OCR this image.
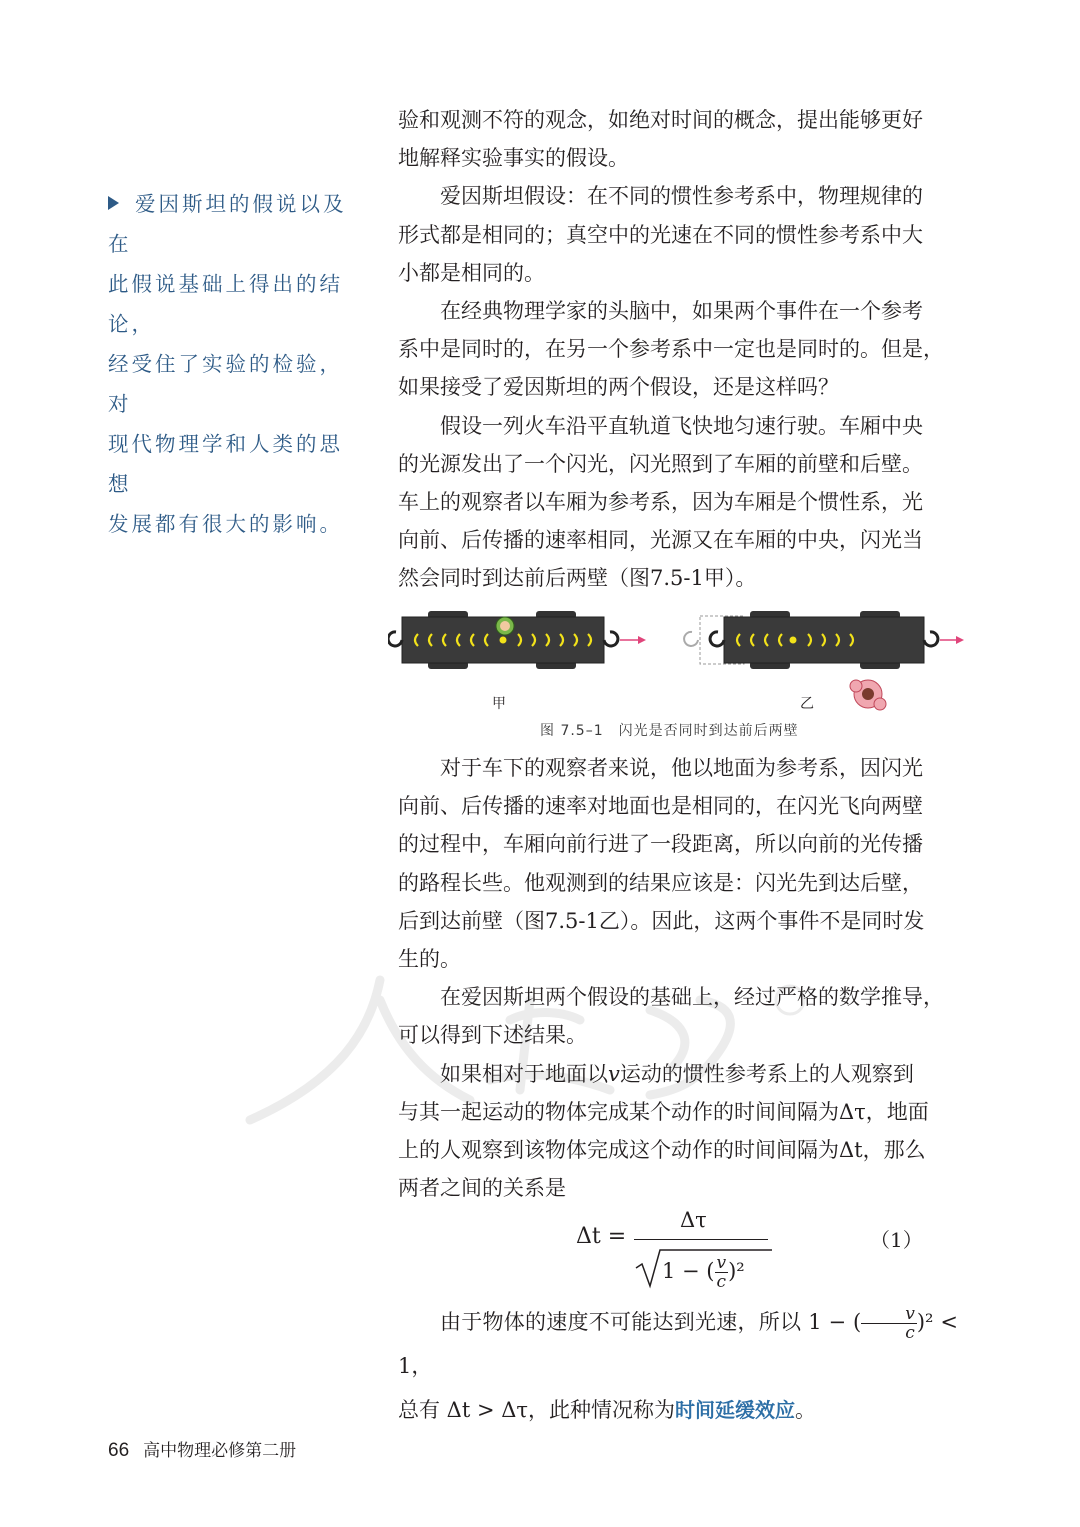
爱因斯坦的假说以及在
此假说基础上得出的结论，
经受住了实验的检验，对
现代物理学和人类的思想
发展都有很大的影响。

验和观测不符的观念，如绝对时间的概念，提出能够更好
地解释实验事实的假设。

爱因斯坦假设：在不同的惯性参考系中，物理规律的
形式都是相同的；真空中的光速在不同的惯性参考系中大
小都是相同的。

在经典物理学家的头脑中，如果两个事件在一个参考
系中是同时的，在另一个参考系中一定也是同时的。但是，
如果接受了爱因斯坦的两个假设，还是这样吗？

假设一列火车沿平直轨道飞快地匀速行驶。车厢中央
的光源发出了一个闪光，闪光照到了车厢的前壁和后壁。
车上的观察者以车厢为参考系，因为车厢是个惯性系，光
向前、后传播的速率相同，光源又在车厢的中央，闪光当
然会同时到达前后两壁（图7.5-1甲）。

甲	乙
图 7.5–1　闪光是否同时到达前后两壁

对于车下的观察者来说，他以地面为参考系，因闪光
向前、后传播的速率对地面也是相同的，在闪光飞向两壁
的过程中，车厢向前行进了一段距离，所以向前的光传播
的路程长些。他观测到的结果应该是：闪光先到达后壁，
后到达前壁（图7.5-1乙）。因此，这两个事件不是同时发
生的。

在爱因斯坦两个假设的基础上，经过严格的数学推导，
可以得到下述结果。

如果相对于地面以v运动的惯性参考系上的人观察到
与其一起运动的物体完成某个动作的时间间隔为Δτ，地面
上的人观察到该物体完成这个动作的时间间隔为Δt，那么
两者之间的关系是

Δt =
Δτ
1 − ( $\frac{v}{c} )^2$
（1）

由于物体的速度不可能达到光速，所以 1 − ( $\frac{v}{c} )^2 < 1$，
总有 Δt > Δτ，此种情况称为时间延缓效应。

66 高中物理必修第二册
